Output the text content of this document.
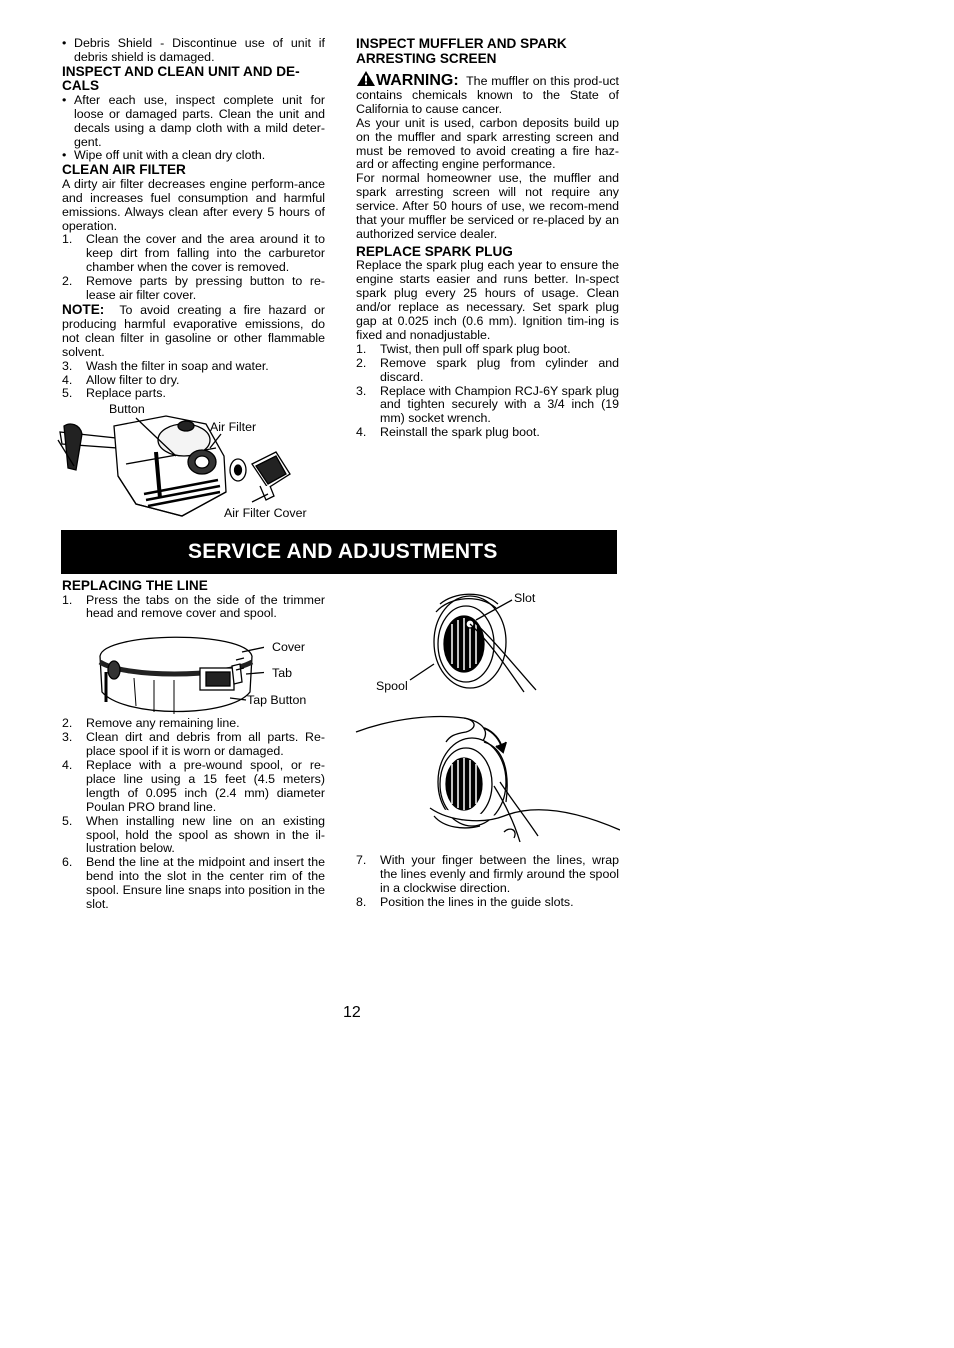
• Debris Shield - Discontinue use of unit if debris shield is damaged.
INSPECT AND CLEAN UNIT AND DE-CALS
• After each use, inspect complete unit for loose or damaged parts. Clean the unit and decals using a damp cloth with a mild deter-gent.
• Wipe off unit with a clean dry cloth.
CLEAN AIR FILTER

A dirty air filter decreases engine perform-ance and increases fuel consumption and harmful emissions. Always clean after every 5 hours of operation.

1. Clean the cover and the area around it to keep dirt from falling into the carburetor chamber when the cover is removed.
2. Remove parts by pressing button to re-lease air filter cover.

NOTE: To avoid creating a fire hazard or producing harmful evaporative emissions, do not clean filter in gasoline or other flammable solvent.

3. Wash the filter in soap and water.
4. Allow filter to dry.
5. Replace parts.
Button
Air Filter
Air Filter Cover
INSPECT MUFFLER AND SPARK ARRESTING SCREEN

WARNING: The muffler on this prod-uct contains chemicals known to the State of California to cause cancer.

As your unit is used, carbon deposits build up on the muffler and spark arresting screen and must be removed to avoid creating a fire haz-ard or affecting engine performance.

For normal homeowner use, the muffler and spark arresting screen will not require any service. After 50 hours of use, we recom-mend that your muffler be serviced or re-placed by an authorized service dealer.

REPLACE SPARK PLUG

Replace the spark plug each year to ensure the engine starts easier and runs better. In-spect spark plug every 25 hours of usage. Clean and/or replace as necessary. Set spark plug gap at 0.025 inch (0.6 mm). Ignition tim-ing is fixed and nonadjustable.

1. Twist, then pull off spark plug boot.
2. Remove spark plug from cylinder and discard.
3. Replace with Champion RCJ-6Y spark plug and tighten securely with a 3/4 inch (19 mm) socket wrench.
4. Reinstall the spark plug boot.
SERVICE AND ADJUSTMENTS
REPLACING THE LINE
1. Press the tabs on the side of the trimmer head and remove cover and spool.
2. Remove any remaining line.
3. Clean dirt and debris from all parts. Re-place spool if it is worn or damaged.
4. Replace with a pre-wound spool, or re-place line using a 15 feet (4.5 meters) length of 0.095 inch (2.4 mm) diameter Poulan PRO brand line.
5. When installing new line on an existing spool, hold the spool as shown in the il-lustration below.
6. Bend the line at the midpoint and insert the bend into the slot in the center rim of the spool. Ensure line snaps into position in the slot.
Cover
Tab
Tap Button
Slot
Spool
7. With your finger between the lines, wrap the lines evenly and firmly around the spool in a clockwise direction.
8. Position the lines in the guide slots.
12
